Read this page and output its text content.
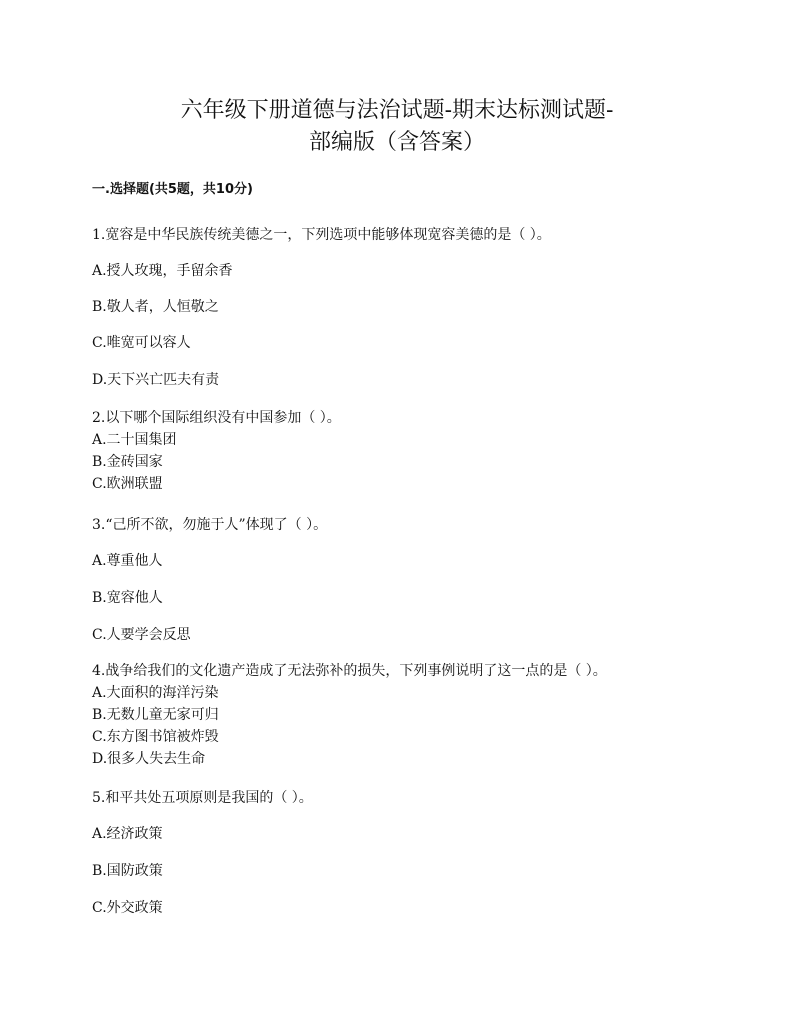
六年级下册道德与法治试题-期末达标测试题-
部编版（含答案）
一.选择题(共5题，共10分)
1.宽容是中华民族传统美德之一，下列选项中能够体现宽容美德的是（ ）。
A.授人玫瑰，手留余香
B.敬人者，人恒敬之
C.唯宽可以容人
D.天下兴亡匹夫有责
2.以下哪个国际组织没有中国参加（ ）。
A.二十国集团
B.金砖国家
C.欧洲联盟
3.“己所不欲，勿施于人”体现了（ ）。
A.尊重他人
B.宽容他人
C.人要学会反思
4.战争给我们的文化遗产造成了无法弥补的损失，下列事例说明了这一点的是（ ）。
A.大面积的海洋污染
B.无数儿童无家可归
C.东方图书馆被炸毁
D.很多人失去生命
5.和平共处五项原则是我国的（ ）。
A.经济政策
B.国防政策
C.外交政策
